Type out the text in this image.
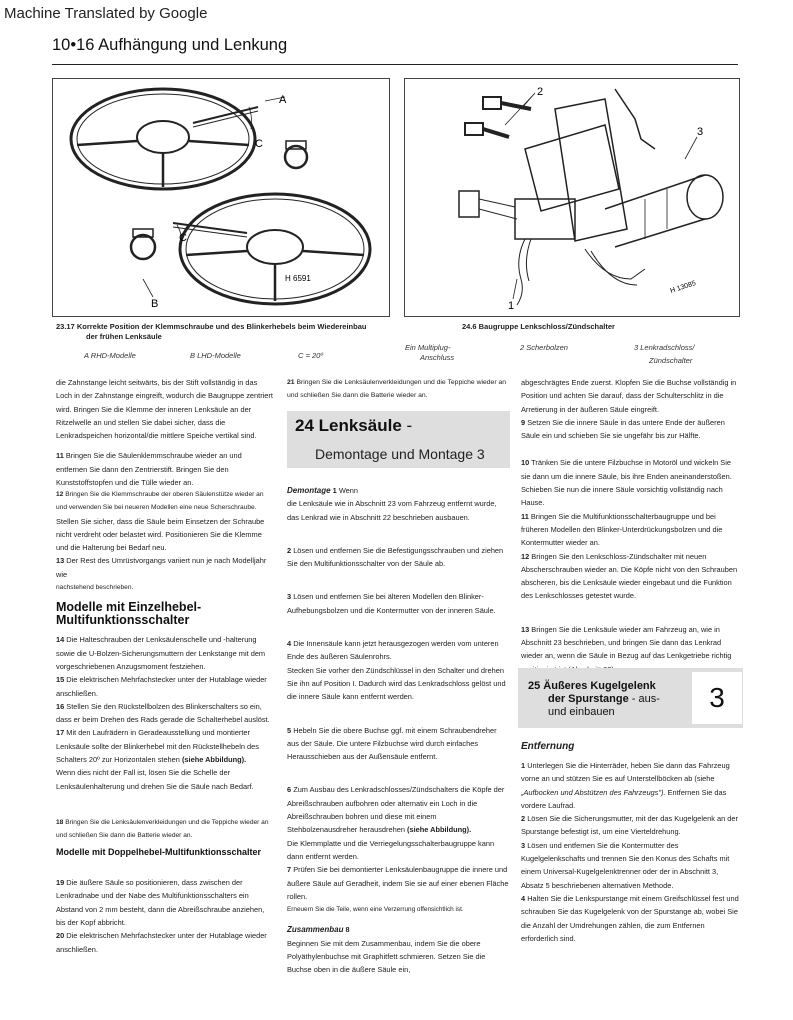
Machine Translated by Google
10•16 Aufhängung und Lenkung
A
C
C
B
H 6591
2
3
1
H 13085
23.17 Korrekte Position der Klemmschraube und des Blinkerhebels beim Wiedereinbau
der frühen Lenksäule
A RHD-Modelle	B LHD-Modelle	C = 20º
24.6 Baugruppe Lenkschloss/Zündschalter
Ein Multiplug-
Anschluss
2 Scherbolzen	3 Lenkradschloss/
Zündschalter

die Zahnstange leicht seitwärts, bis der Stift vollständig in das Loch in der Zahnstange eingreift, wodurch die Baugruppe zentriert wird. Bringen Sie die Klemme der inneren Lenksäule an der Ritzelwelle an und stellen Sie dabei sicher, dass die Lenkradspeichen horizontal/die mittlere Speiche vertikal sind.

11 Bringen Sie die Säulenklemmschraube wieder an und entfernen Sie dann den Zentrierstift. Bringen Sie den Kunststoffstopfen und die Tülle wieder an.

12 Bringen Sie die Klemmschraube der oberen Säulenstütze wieder an und verwenden Sie bei neueren Modellen eine neue Scherschraube.

Stellen Sie sicher, dass die Säule beim Einsetzen der Schraube nicht verdreht oder belastet wird. Positionieren Sie die Klemme und die Halterung bei Bedarf neu.

13 Der Rest des Umrüstvorgangs variiert nun je nach Modelljahr wie

nachstehend beschrieben.

Modelle mit Einzelhebel-Multifunktionsschalter

14 Die Halteschrauben der Lenksäulenschelle und -halterung sowie die U-Bolzen-Sicherungsmuttern der Lenkstange mit dem vorgeschriebenen Anzugsmoment festziehen.

15 Die elektrischen Mehrfachstecker unter der Hutablage wieder anschließen.

16 Stellen Sie den Rückstellbolzen des Blinkerschalters so ein, dass er beim Drehen des Rads gerade die Schalterhebel auslöst.

17 Mit den Laufrädern in Geradeausstellung und montierter Lenksäule sollte der Blinkerhebel mit den Rückstellhebeln des Schalters 20º zur Horizontalen stehen (siehe Abbildung).

Wenn dies nicht der Fall ist, lösen Sie die Schelle der Lenksäulenhalterung und drehen Sie die Säule nach Bedarf.

18 Bringen Sie die Lenksäulenverkleidungen und die Teppiche wieder an und schließen Sie dann die Batterie wieder an.

Modelle mit Doppelhebel-Multifunktionsschalter

19 Die äußere Säule so positionieren, dass zwischen der Lenkradnabe und der Nabe des Multifunktionsschalters ein Abstand von 2 mm besteht, dann die Abreißschraube anziehen, bis der Kopf abbricht.

20 Die elektrischen Mehrfachstecker unter der Hutablage wieder anschließen.

21 Bringen Sie die Lenksäulenverkleidungen und die Teppiche wieder an und schließen Sie dann die Batterie wieder an.

24 Lenksäule -
Demontage und Montage 3

Demontage 1 Wenn

die Lenksäule wie in Abschnitt 23 vom Fahrzeug entfernt wurde, das Lenkrad wie in Abschnitt 22 beschrieben ausbauen.

2 Lösen und entfernen Sie die Befestigungsschrauben und ziehen Sie den Multifunktionsschalter von der Säule ab.

3 Lösen und entfernen Sie bei älteren Modellen den Blinker-Aufhebungsbolzen und die Kontermutter von der inneren Säule.

4 Die Innensäule kann jetzt herausgezogen werden vom unteren Ende des äußeren Säulenrohrs.

Stecken Sie vorher den Zündschlüssel in den Schalter und drehen Sie ihn auf Position I. Dadurch wird das Lenkradschloss gelöst und die innere Säule kann entfernt werden.

5 Hebeln Sie die obere Buchse ggf. mit einem Schraubendreher aus der Säule. Die untere Filzbuchse wird durch einfaches Herausschieben aus der Außensäule entfernt.

6 Zum Ausbau des Lenkradschlosses/Zündschalters die Köpfe der Abreißschrauben aufbohren oder alternativ ein Loch in die Abreißschrauben bohren und diese mit einem

Stehbolzenausdreher herausdrehen (siehe Abbildung).

Die Klemmplatte und die Verriegelungsschalterbaugruppe kann dann entfernt werden.

7 Prüfen Sie bei demontierter Lenksäulenbaugruppe die innere und äußere Säule auf Geradheit, indem Sie sie auf einer ebenen Fläche rollen.

Erneuern Sie die Teile, wenn eine Verzerrung offensichtlich ist.

Zusammenbau 8

Beginnen Sie mit dem Zusammenbau, indem Sie die obere Polyäthylenbuchse mit Graphitfett schmieren. Setzen Sie die Buchse oben in die äußere Säule ein,

abgeschrägtes Ende zuerst. Klopfen Sie die Buchse vollständig in Position und achten Sie darauf, dass der Schulterschlitz in die Arretierung in der äußeren Säule eingreift.

9 Setzen Sie die innere Säule in das untere Ende der äußeren Säule ein und schieben Sie sie ungefähr bis zur Hälfte.

10 Tränken Sie die untere Filzbuchse in Motoröl und wickeln Sie sie dann um die innere Säule, bis ihre Enden aneinanderstoßen. Schieben Sie nun die innere Säule vorsichtig vollständig nach Hause.

11 Bringen Sie die Multifunktionsschalterbaugruppe und bei früheren Modellen den Blinker-Unterdrückungsbolzen und die Kontermutter wieder an.

12 Bringen Sie den Lenkschloss-Zündschalter mit neuen Abscherschrauben wieder an. Die Köpfe nicht von den Schrauben abscheren, bis die Lenksäule wieder eingebaut und die Funktion des Lenkschlosses getestet wurde.

13 Bringen Sie die Lenksäule wieder am Fahrzeug an, wie in Abschnitt 23 beschrieben, und bringen Sie dann das Lenkrad wieder an, wenn die Säule in Bezug auf das Lenkgetriebe richtig

25 Äußeres Kugelgelenk
der Spurstange - aus-
und einbauen	3
Entfernung

1 Unterlegen Sie die Hinterräder, heben Sie dann das Fahrzeug vorne an und stützen Sie es auf Unterstellböcken ab (siehe „Aufbocken und Abstützen des Fahrzeugs"). Entfernen Sie das vordere Laufrad.

2 Lösen Sie die Sicherungsmutter, mit der das Kugelgelenk an der Spurstange befestigt ist, um eine Vierteldrehung.

3 Lösen und entfernen Sie die Kontermutter des Kugelgelenkschafts und trennen Sie den Konus des Schafts mit einem Universal-Kugelgelenktrenner oder der in Abschnitt 3, Absatz 5 beschriebenen alternativen Methode.

4 Halten Sie die Lenkspurstange mit einem Greifschlüssel fest und schrauben Sie das Kugelgelenk von der Spurstange ab, wobei Sie die Anzahl der Umdrehungen zählen, die zum Entfernen erforderlich sind.
